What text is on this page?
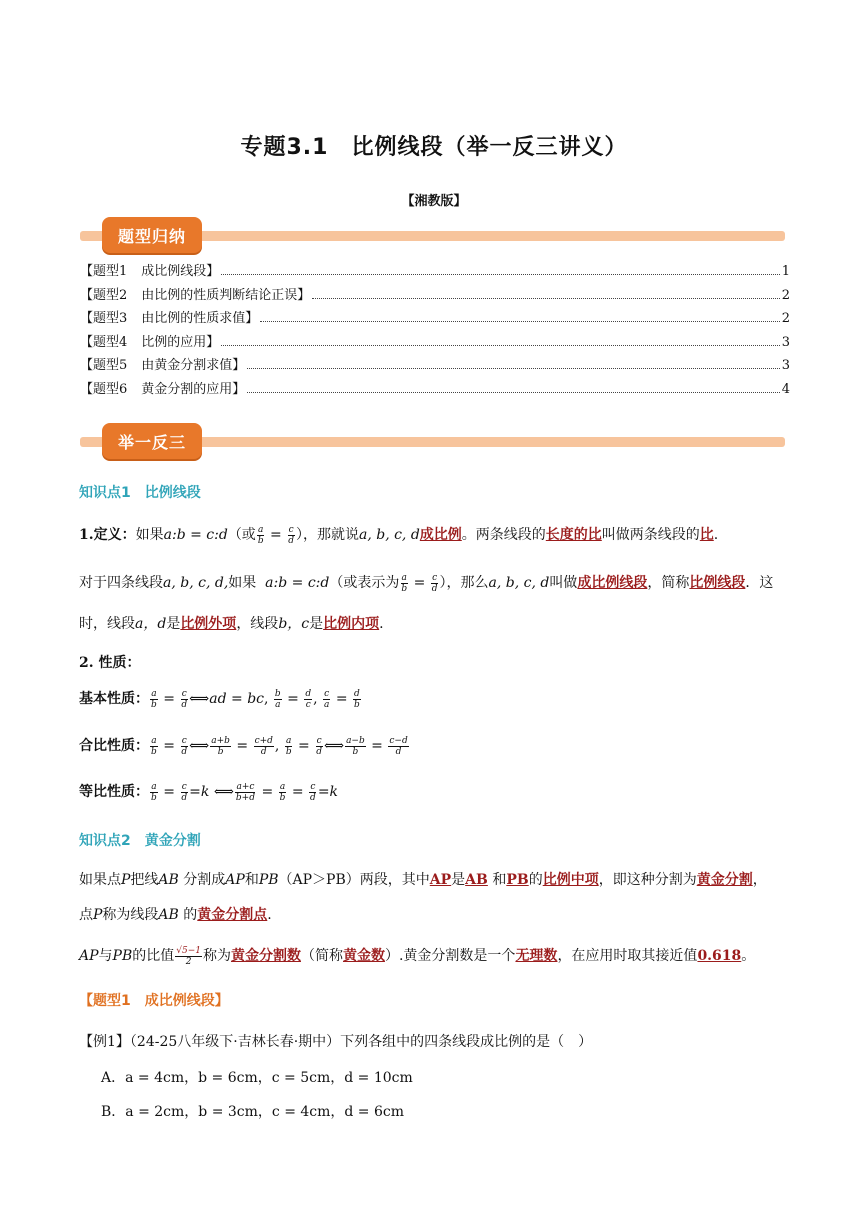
专题3.1　比例线段（举一反三讲义）
【湘教版】
题型归纳
【题型1 成比例线段】	1
【题型2 由比例的性质判断结论正误】	2
【题型3 由比例的性质求值】	2
【题型4 比例的应用】	3
【题型5 由黄金分割求值】	3
【题型6 黄金分割的应用】	4
举一反三
知识点1 比例线段
1.定义：如果a:b = c:d（或 $\frac{a}{b} = \frac{c}{d}$ ），那就说a, b, c, d成比例。两条线段的长度的比叫做两条线段的比.
对于四条线段a, b, c, d,如果 a:b = c:d（或表示为 $\frac{a}{b} = \frac{c}{d}$ ），那么a, b, c, d叫做成比例线段，简称比例线段．这
时，线段a，d是比例外项，线段b，c是比例内项.
2. 性质：
基本性质： $\frac{a}{b} = \frac{c}{d}$ ⟺ad = bc, $\frac{b}{a} = \frac{d}{c}$ , $\frac{c}{a} = \frac{d}{b}$
合比性质： $\frac{a}{b} = \frac{c}{d}$ ⟺ $\frac{a+b}{b} = \frac{c+d}{d}$ , $\frac{a}{b} = \frac{c}{d}$ ⟺ $\frac{a-b}{b} = \frac{c-d}{d}$
等比性质： $\frac{a}{b} = \frac{c}{d} =k$ ⟺ $\frac{a+c}{b+d} = \frac{a}{b} = \frac{c}{d} =k$
知识点2 黄金分割
如果点P把线AB 分割成AP和PB（AP＞PB）两段，其中AP是AB 和PB的比例中项，即这种分割为黄金分割，
点P称为线段AB 的黄金分割点.
AP与PB的比值 $\frac{√5-1}{2}$ 称为黄金分割数（简称黄金数）.黄金分割数是一个无理数，在应用时取其接近值0.618。
【题型1　成比例线段】
【例1】（24-25八年级下·吉林长春·期中）下列各组中的四条线段成比例的是（　）
A．a = 4cm，b = 6cm，c = 5cm，d = 10cm
B．a = 2cm，b = 3cm，c = 4cm，d = 6cm
